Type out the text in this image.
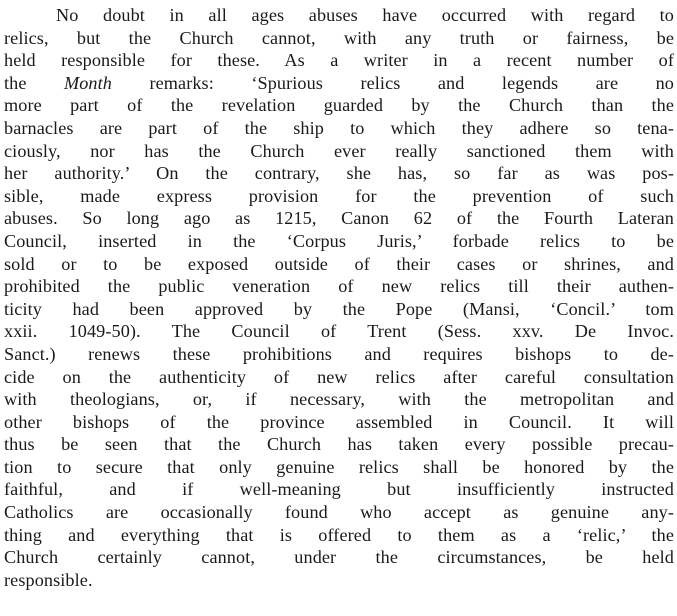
No doubt in all ages abuses have occurred with regard to
relics, but the Church cannot, with any truth or fairness, be
held responsible for these. As a writer in a recent number of
the Month remarks: ‘Spurious relics and legends are no
more part of the revelation guarded by the Church than the
barnacles are part of the ship to which they adhere so tena-
ciously, nor has the Church ever really sanctioned them with
her authority.’ On the contrary, she has, so far as was pos-
sible, made express provision for the prevention of such
abuses. So long ago as 1215, Canon 62 of the Fourth Lateran
Council, inserted in the ‘Corpus Juris,’ forbade relics to be
sold or to be exposed outside of their cases or shrines, and
prohibited the public veneration of new relics till their authen-
ticity had been approved by the Pope (Mansi, ‘Concil.’ tom
xxii. 1049-50). The Council of Trent (Sess. xxv. De Invoc.
Sanct.) renews these prohibitions and requires bishops to de-
cide on the authenticity of new relics after careful consultation
with theologians, or, if necessary, with the metropolitan and
other bishops of the province assembled in Council. It will
thus be seen that the Church has taken every possible precau-
tion to secure that only genuine relics shall be honored by the
faithful, and if well-meaning but insufficiently instructed
Catholics are occasionally found who accept as genuine any-
thing and everything that is offered to them as a ‘relic,’ the
Church certainly cannot, under the circumstances, be held
responsible.
